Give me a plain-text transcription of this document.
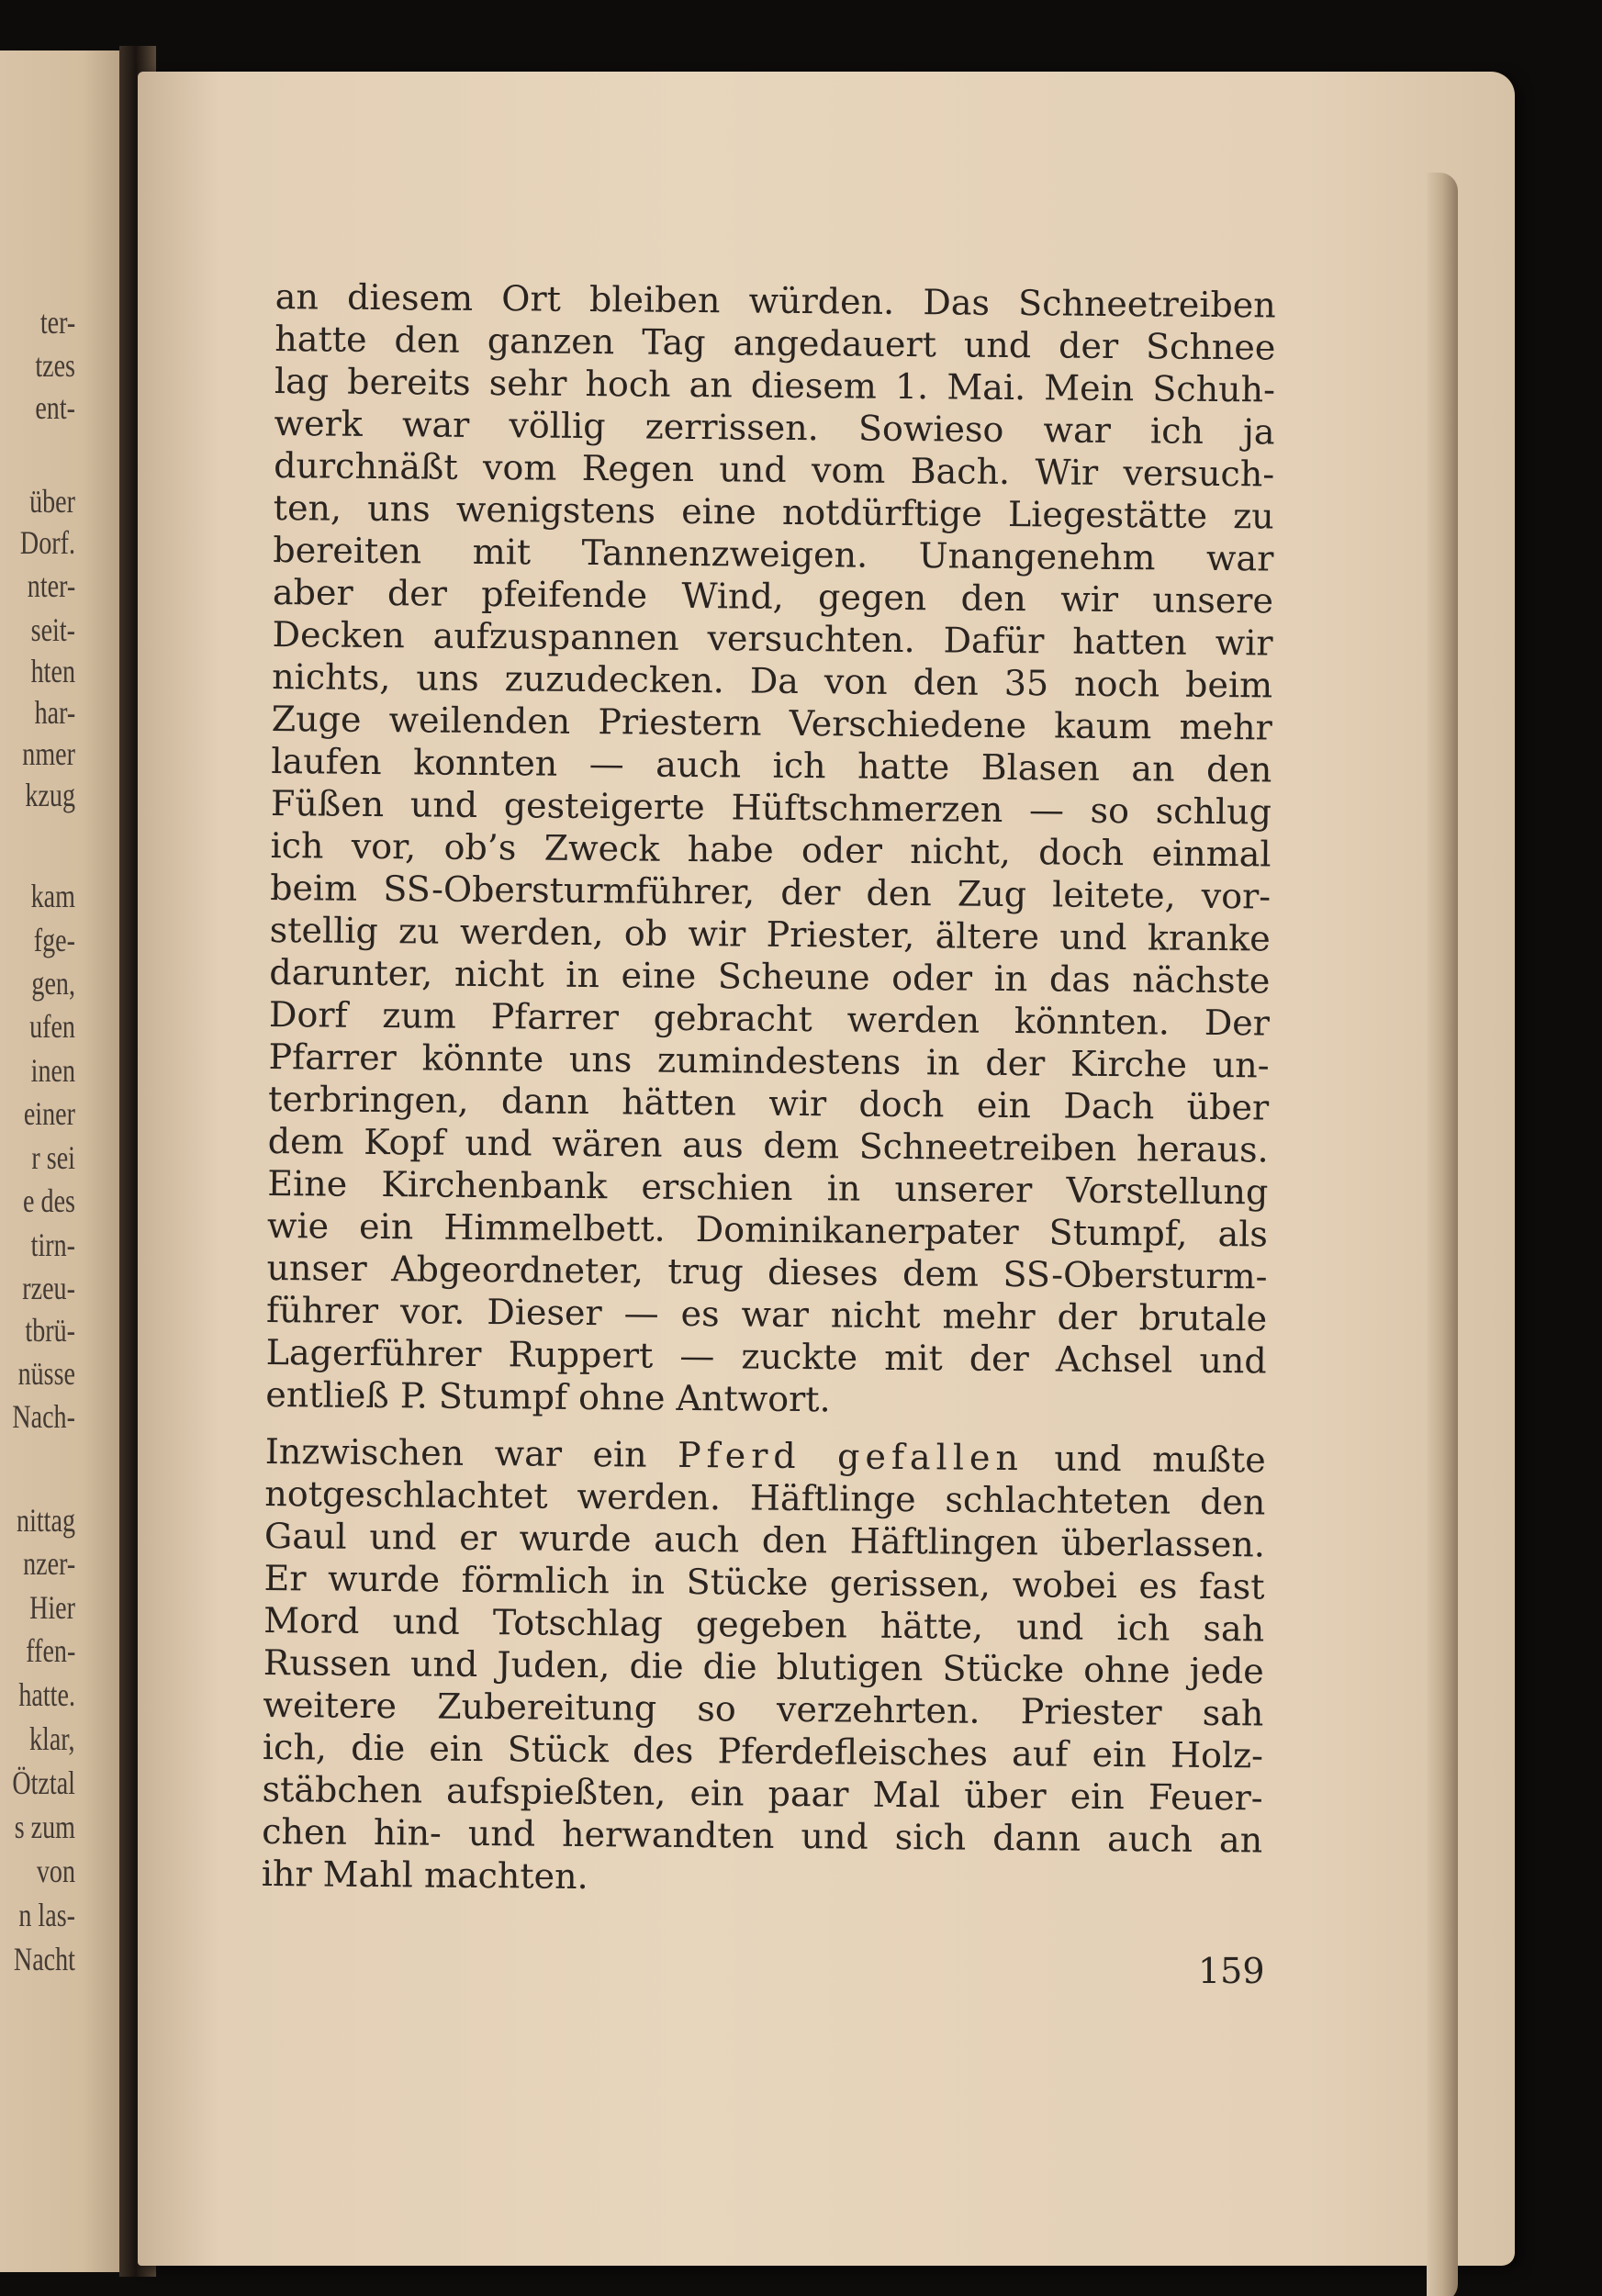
ter-
tzes
ent-
über
Dorf.
nter-
seit-
hten
har-
nmer
kzug
kam
fge-
gen,
ufen
inen
einer
r sei
e des
tirn-
rzeu-
tbrü-
nüsse
Nach-
nittag
nzer-
Hier
ffen-
hatte.
klar,
Ötztal
s zum
von
n las-
Nacht
an diesem Ort bleiben würden. Das Schneetreiben
hatte den ganzen Tag angedauert und der Schnee
lag bereits sehr hoch an diesem 1. Mai. Mein Schuh-
werk war völlig zerrissen. Sowieso war ich ja
durchnäßt vom Regen und vom Bach. Wir versuch-
ten, uns wenigstens eine notdürftige Liegestätte zu
bereiten mit Tannenzweigen. Unangenehm war
aber der pfeifende Wind, gegen den wir unsere
Decken aufzuspannen versuchten. Dafür hatten wir
nichts, uns zuzudecken. Da von den 35 noch beim
Zuge weilenden Priestern Verschiedene kaum mehr
laufen konnten — auch ich hatte Blasen an den
Füßen und gesteigerte Hüftschmerzen — so schlug
ich vor, ob’s Zweck habe oder nicht, doch einmal
beim SS-Obersturmführer, der den Zug leitete, vor-
stellig zu werden, ob wir Priester, ältere und kranke
darunter, nicht in eine Scheune oder in das nächste
Dorf zum Pfarrer gebracht werden könnten. Der
Pfarrer könnte uns zumindestens in der Kirche un-
terbringen, dann hätten wir doch ein Dach über
dem Kopf und wären aus dem Schneetreiben heraus.
Eine Kirchenbank erschien in unserer Vorstellung
wie ein Himmelbett. Dominikanerpater Stumpf, als
unser Abgeordneter, trug dieses dem SS-Obersturm-
führer vor. Dieser — es war nicht mehr der brutale
Lagerführer Ruppert — zuckte mit der Achsel und
entließ P. Stumpf ohne Antwort.
Inzwischen war ein Pferd gefallen und mußte
notgeschlachtet werden. Häftlinge schlachteten den
Gaul und er wurde auch den Häftlingen überlassen.
Er wurde förmlich in Stücke gerissen, wobei es fast
Mord und Totschlag gegeben hätte, und ich sah
Russen und Juden, die die blutigen Stücke ohne jede
weitere Zubereitung so verzehrten. Priester sah
ich, die ein Stück des Pferdefleisches auf ein Holz-
stäbchen aufspießten, ein paar Mal über ein Feuer-
chen hin- und herwandten und sich dann auch an
ihr Mahl machten.
159
